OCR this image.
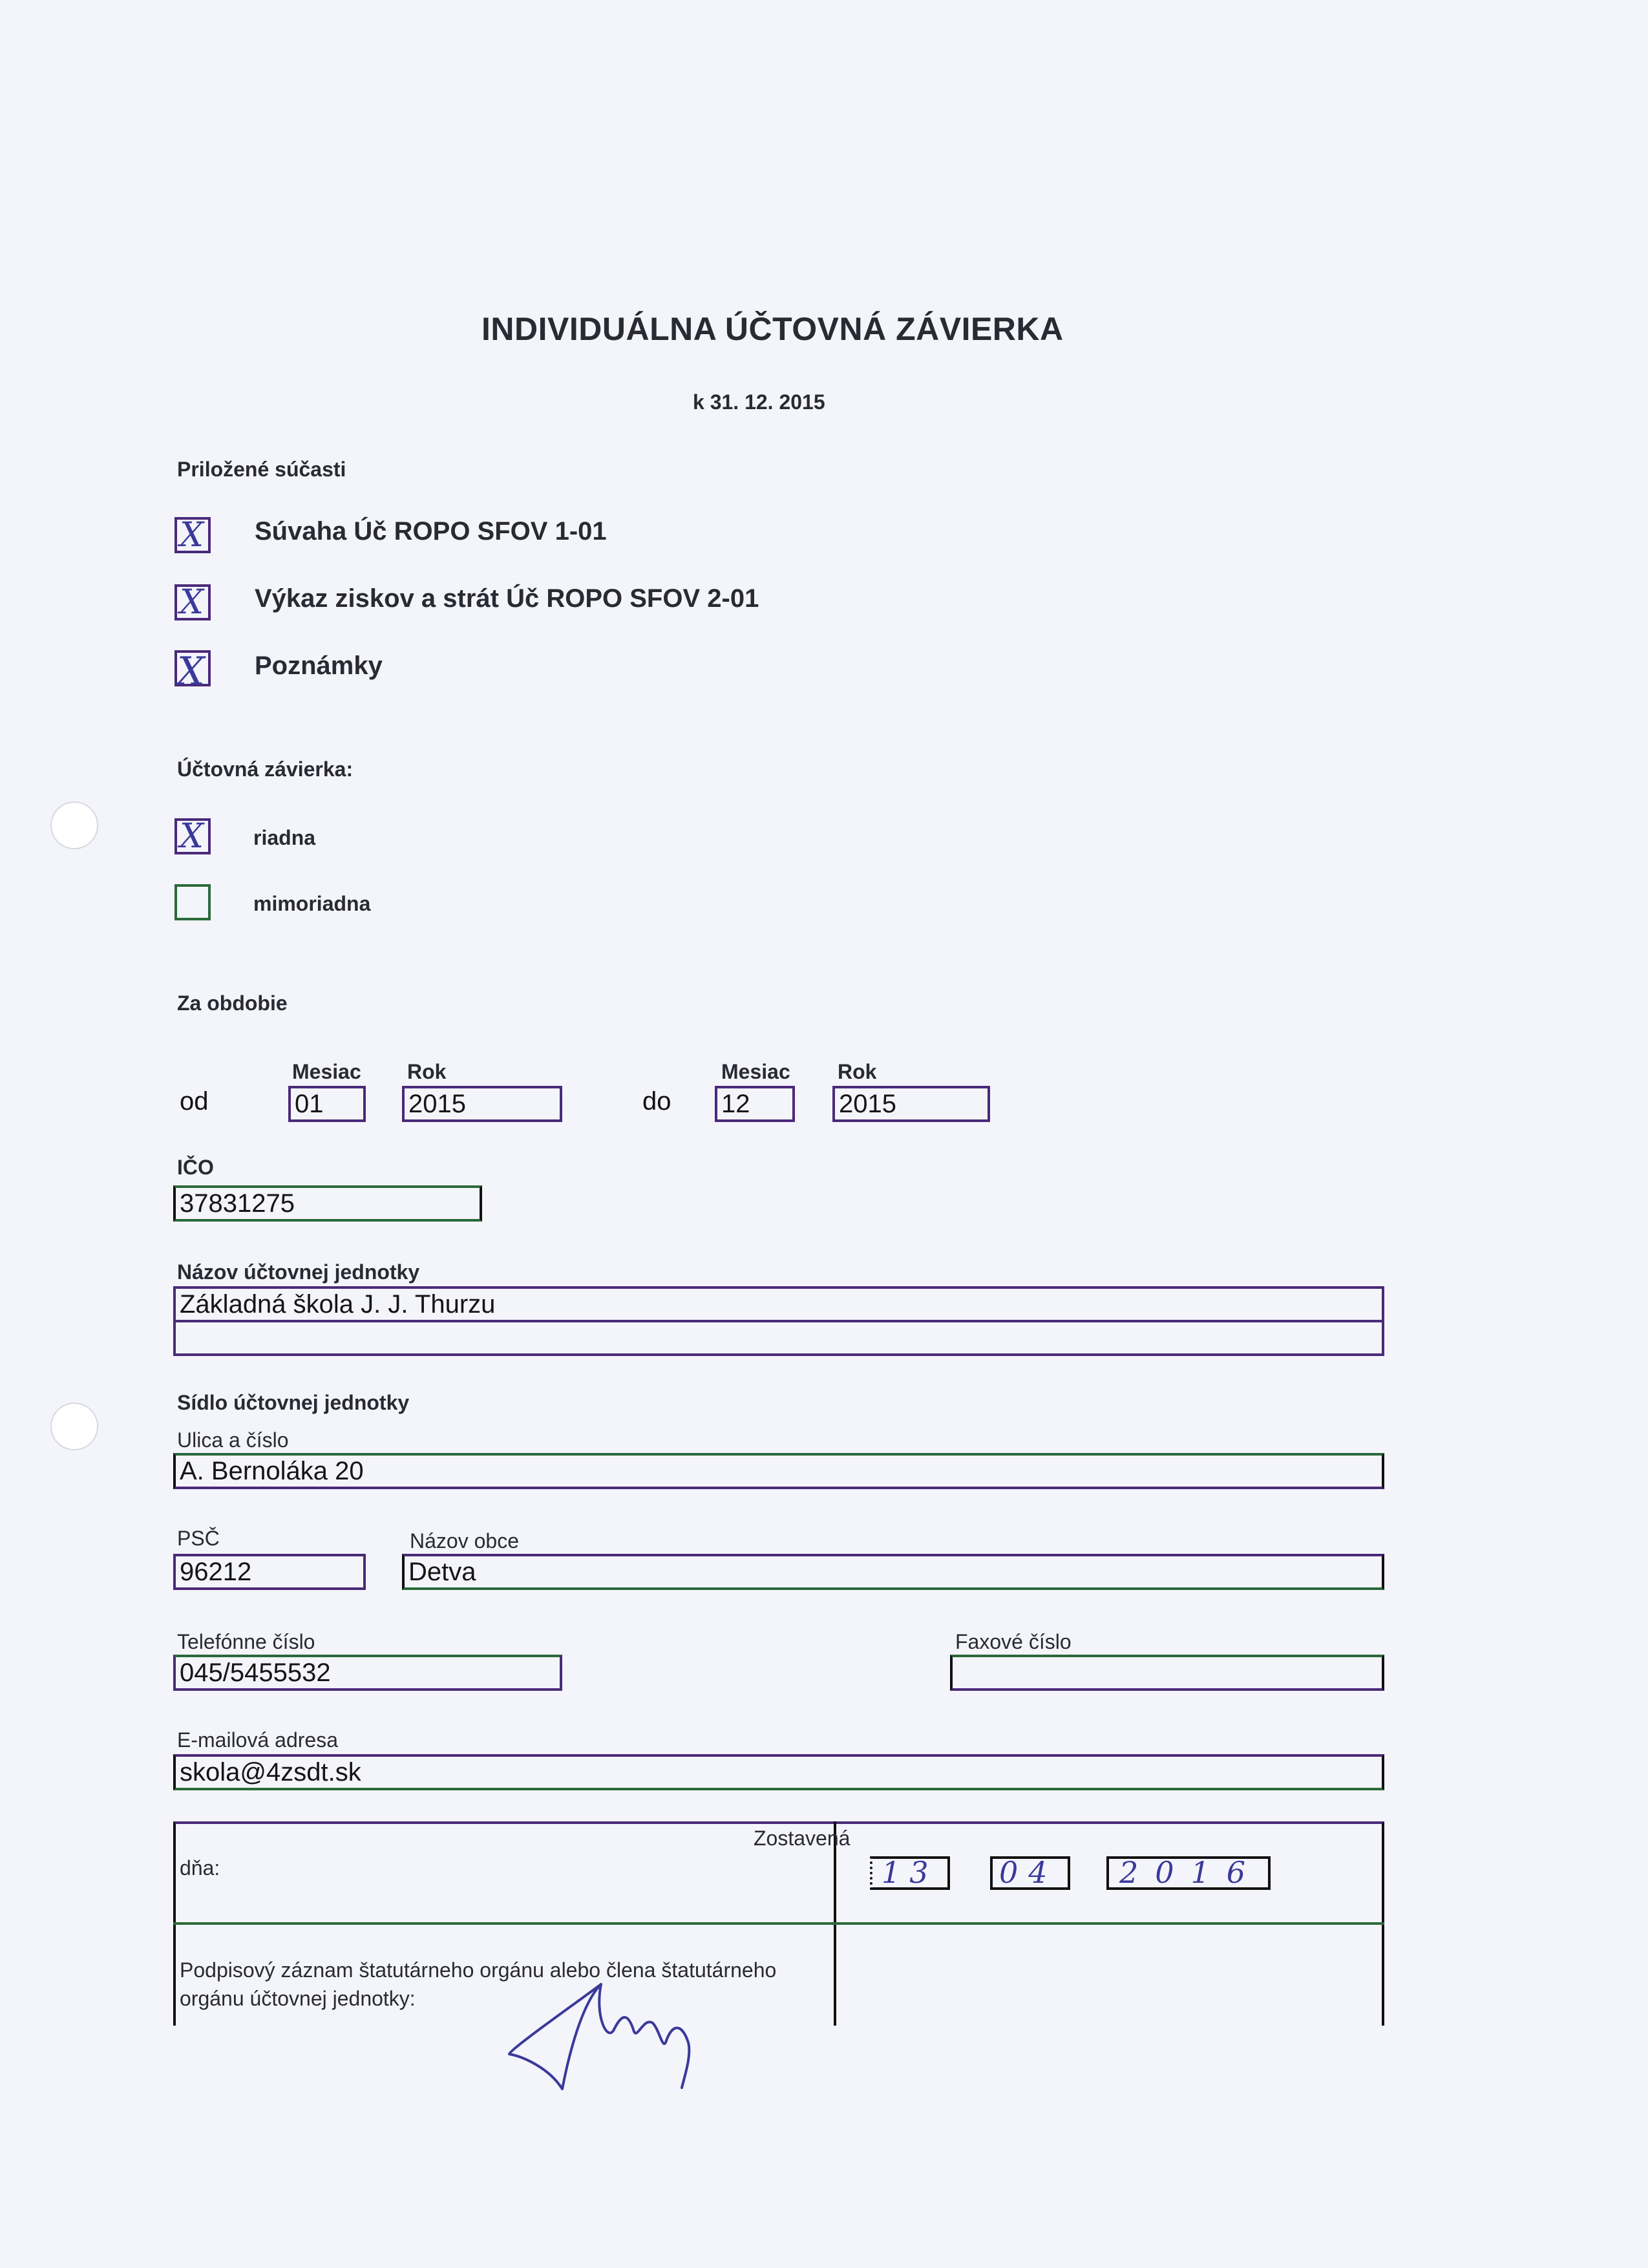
INDIVIDUÁLNA ÚČTOVNÁ ZÁVIERKA
k 31. 12. 2015
Priložené súčasti
X Súvaha Úč ROPO SFOV 1-01
X Výkaz ziskov a strát Úč ROPO SFOV 2-01
X Poznámky
Účtovná závierka:
X riadna
mimoriadna
Za obdobie
Mesiac Rok	Mesiac Rok
od	01	2015	do 12	2015
IČO
37831275
Názov účtovnej jednotky
Základná škola J. J. Thurzu
Sídlo účtovnej jednotky
Ulica a číslo
A. Bernoláka 20
PSČ	Názov obce
96212	Detva
Telefónne číslo
045/5455532
Faxové číslo
E-mailová adresa
skola@4zsdt.sk
Zostavená
dňa:	13 04 2016
Podpisový záznam štatutárneho orgánu alebo člena štatutárneho orgánu účtovnej jednotky:
